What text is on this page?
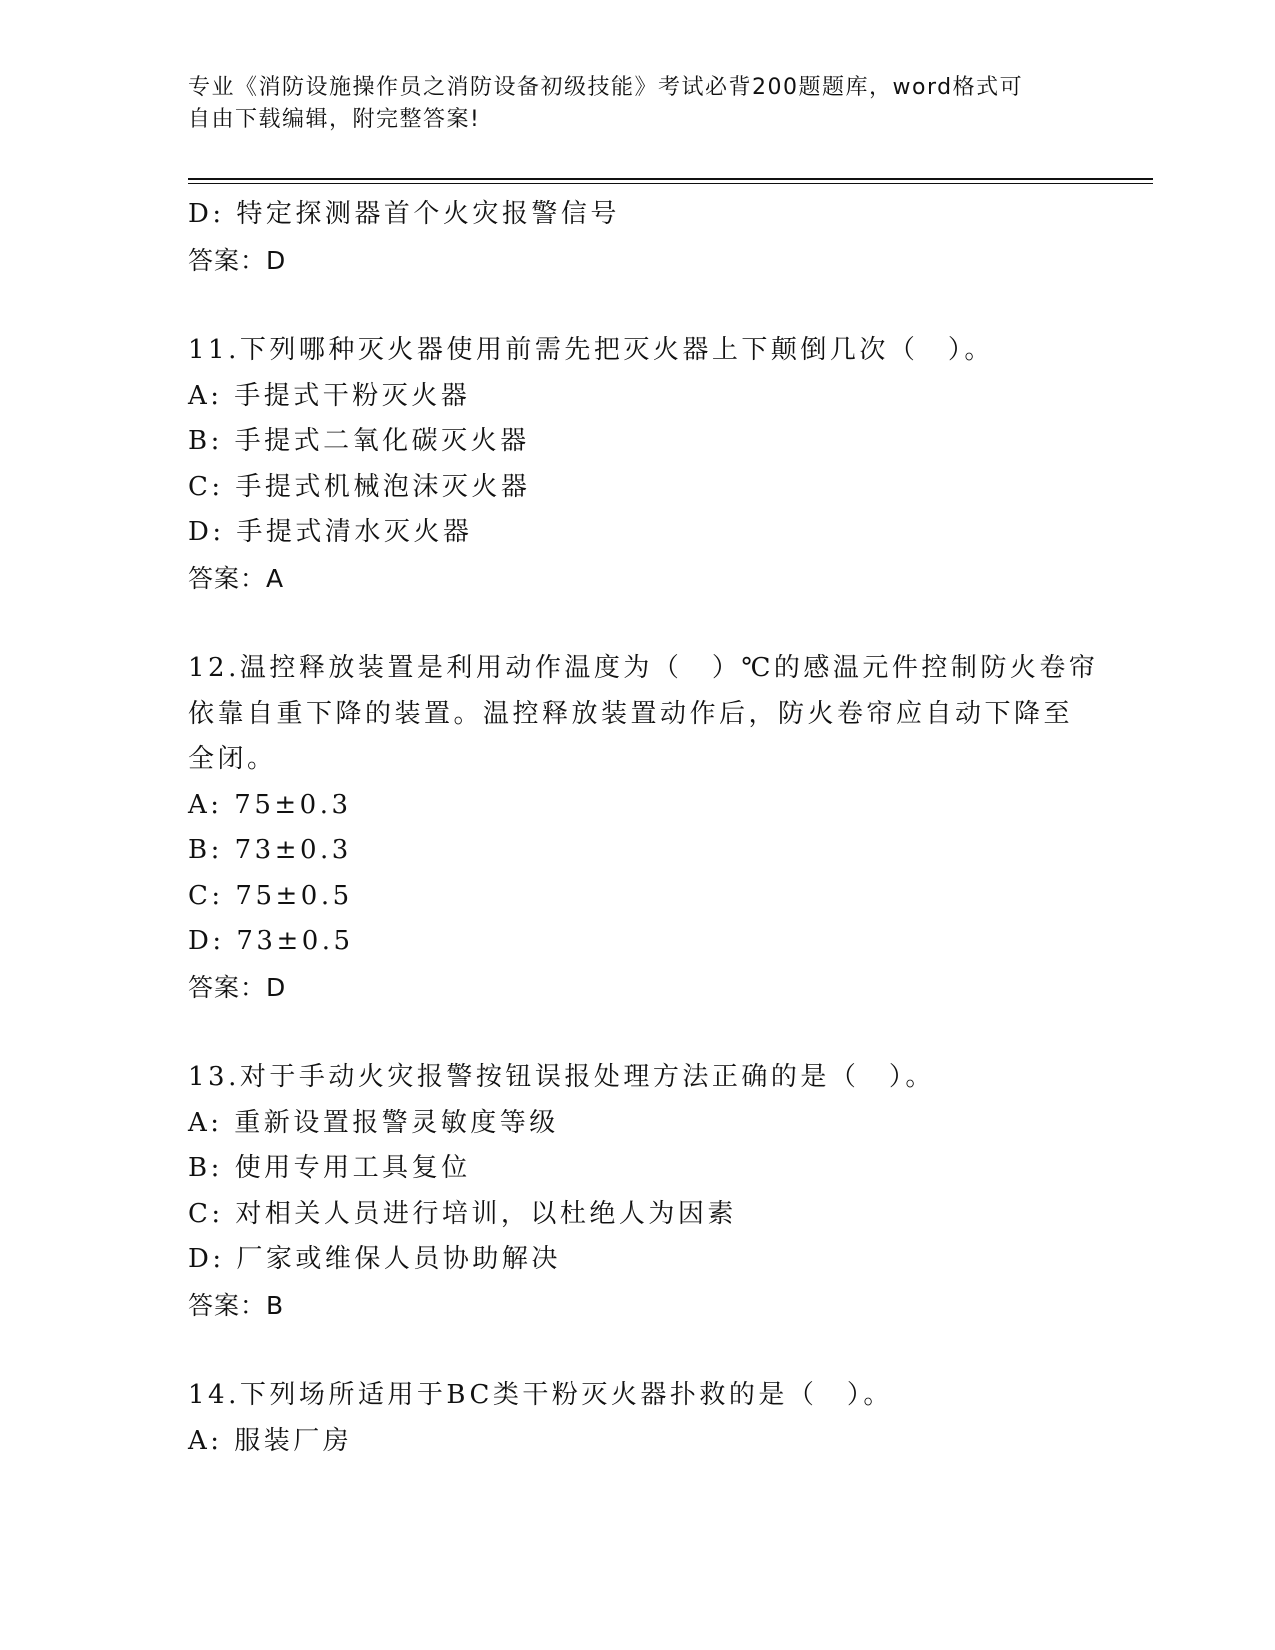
专业《消防设施操作员之消防设备初级技能》考试必背200题题库，word格式可
自由下载编辑，附完整答案!
D: 特定探测器首个火灾报警信号
答案：D
11.下列哪种灭火器使用前需先把灭火器上下颠倒几次（　）。
A: 手提式干粉灭火器
B: 手提式二氧化碳灭火器
C: 手提式机械泡沫灭火器
D: 手提式清水灭火器
答案：A
12.温控释放装置是利用动作温度为（　）℃的感温元件控制防火卷帘
依靠自重下降的装置。温控释放装置动作后，防火卷帘应自动下降至
全闭。
A: 75±0.3
B: 73±0.3
C: 75±0.5
D: 73±0.5
答案：D
13.对于手动火灾报警按钮误报处理方法正确的是（　）。
A: 重新设置报警灵敏度等级
B: 使用专用工具复位
C: 对相关人员进行培训，以杜绝人为因素
D: 厂家或维保人员协助解决
答案：B
14.下列场所适用于BC类干粉灭火器扑救的是（　）。
A: 服装厂房
